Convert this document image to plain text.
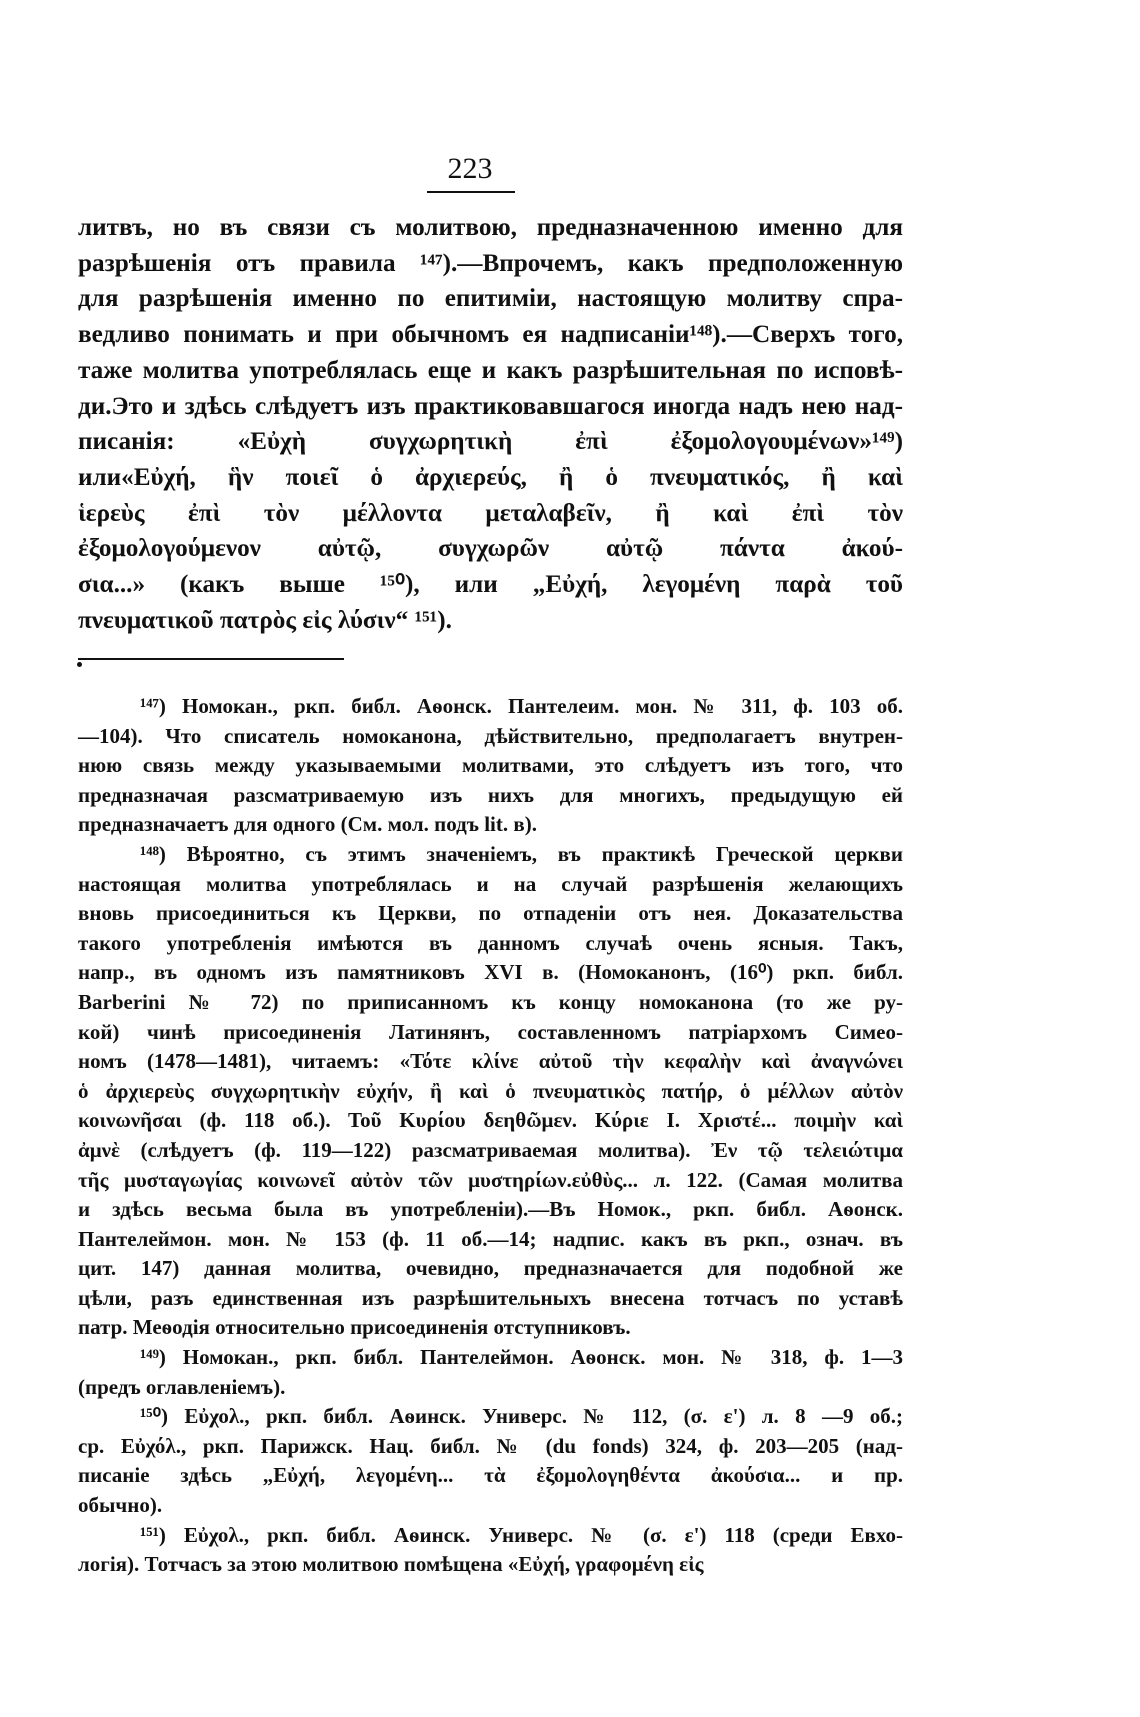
223
литвъ, но въ связи съ молитвою, предназначенною именно для
разрѣшенія отъ правила ¹⁴⁷).—Впрочемъ, какъ предположенную
для разрѣшенія именно по епитиміи, настоящую молитву спра-
ведливо понимать и при обычномъ ея надписаніи¹⁴⁸).—Сверхъ того,
таже молитва употреблялась еще и какъ разрѣшительная по исповѣ-
ди.Это и здѣсь слѣдуетъ изъ практиковавшагося иногда надъ нею над-
писанія: «Εὐχὴ συγχωρητικὴ ἐπὶ ἐξομολογουμένων»¹⁴⁹)
или«Εὐχή, ἣν ποιεῖ ὁ ἀρχιερεύς, ἢ ὁ πνευματικός, ἢ καὶ
ἱερεὺς ἐπὶ τὸν μέλλοντα μεταλαβεῖν, ἢ καὶ ἐπὶ τὸν
ἐξομολογούμενον αὐτῷ, συγχωρῶν αὐτῷ πάντα ἀκού-
σια...» (какъ выше ¹⁵⁰), или „Εὐχή, λεγομένη παρὰ τοῦ
πνευματικοῦ πατρὸς εἰς λύσιν“ ¹⁵¹).
¹⁴⁷) Номокан., ркп. библ. Аѳонск. Пантелеим. мон. № 311, ф. 103 об.
—104). Что списатель номоканона, дѣйствительно, предполагаетъ внутрен-
нюю связь между указываемыми молитвами, это слѣдуетъ изъ того, что
предназначая разсматриваемую изъ нихъ для многихъ, предыдущую ей
предназначаетъ для одного (См. мол. подъ lit. в).
¹⁴⁸) Вѣроятно, съ этимъ значеніемъ, въ практикѣ Греческой церкви
настоящая молитва употреблялась и на случай разрѣшенія желающихъ
вновь присоединиться къ Церкви, по отпаденіи отъ нея. Доказательства
такого употребленія имѣются въ данномъ случаѣ очень ясныя. Такъ,
напр., въ одномъ изъ памятниковъ XVI в. (Номоканонъ, (16⁰) ркп. библ.
Barberini № 72) по приписанномъ къ концу номоканона (то же ру-
кой) чинѣ присоединенія Латинянъ, составленномъ патріархомъ Симео-
номъ (1478—1481), читаемъ: «Τότε κλίνε αὐτοῦ τὴν κεφαλὴν καὶ ἀναγνώνει
ὁ ἀρχιερεὺς συγχωρητικὴν εὐχήν, ἢ καὶ ὁ πνευματικὸς πατήρ, ὁ μέλλων αὐτὸν
κοινωνῆσαι (ф. 118 об.). Τοῦ Κυρίου δεηθῶμεν. Κύριε I. Χριστέ... ποιμὴν καὶ
ἀμνὲ (слѣдуетъ (ф. 119—122) разсматриваемая молитва). Ἐν τῷ τελειώτιμα
τῆς μυσταγωγίας κοινωνεῖ αὐτὸν τῶν μυστηρίων.εὐθὺς... л. 122. (Самая молитва
и здѣсь весьма была въ употребленіи).—Въ Номок., ркп. библ. Аѳонск.
Пантелеймон. мон. № 153 (ф. 11 об.—14; надпис. какъ въ ркп., означ. въ
цит. 147) данная молитва, очевидно, предназначается для подобной же
цѣли, разъ единственная изъ разрѣшительныхъ внесена тотчасъ по уставѣ
патр. Меѳодія относительно присоединенія отступниковъ.
¹⁴⁹) Номокан., ркп. библ. Пантелеймон. Аѳонск. мон. № 318, ф. 1—3
(предъ оглавленіемъ).
¹⁵⁰) Εὐχολ., ркп. библ. Аѳинск. Универс. № 112, (σ. ε') л. 8 —9 об.;
ср. Εὐχόλ., ркп. Парижск. Нац. библ. № (du fonds) 324, ф. 203—205 (над-
писаніе здѣсь „Εὐχή, λεγομένη... τὰ ἐξομολογηθέντα ἀκούσια... и пр.
обычно).
¹⁵¹) Εὐχολ., ркп. библ. Аѳинск. Универс. № (σ. ε') 118 (среди Евхо-
логія). Тотчасъ за этою молитвою помѣщена «Εὐχή, γραφομένη εἰς
